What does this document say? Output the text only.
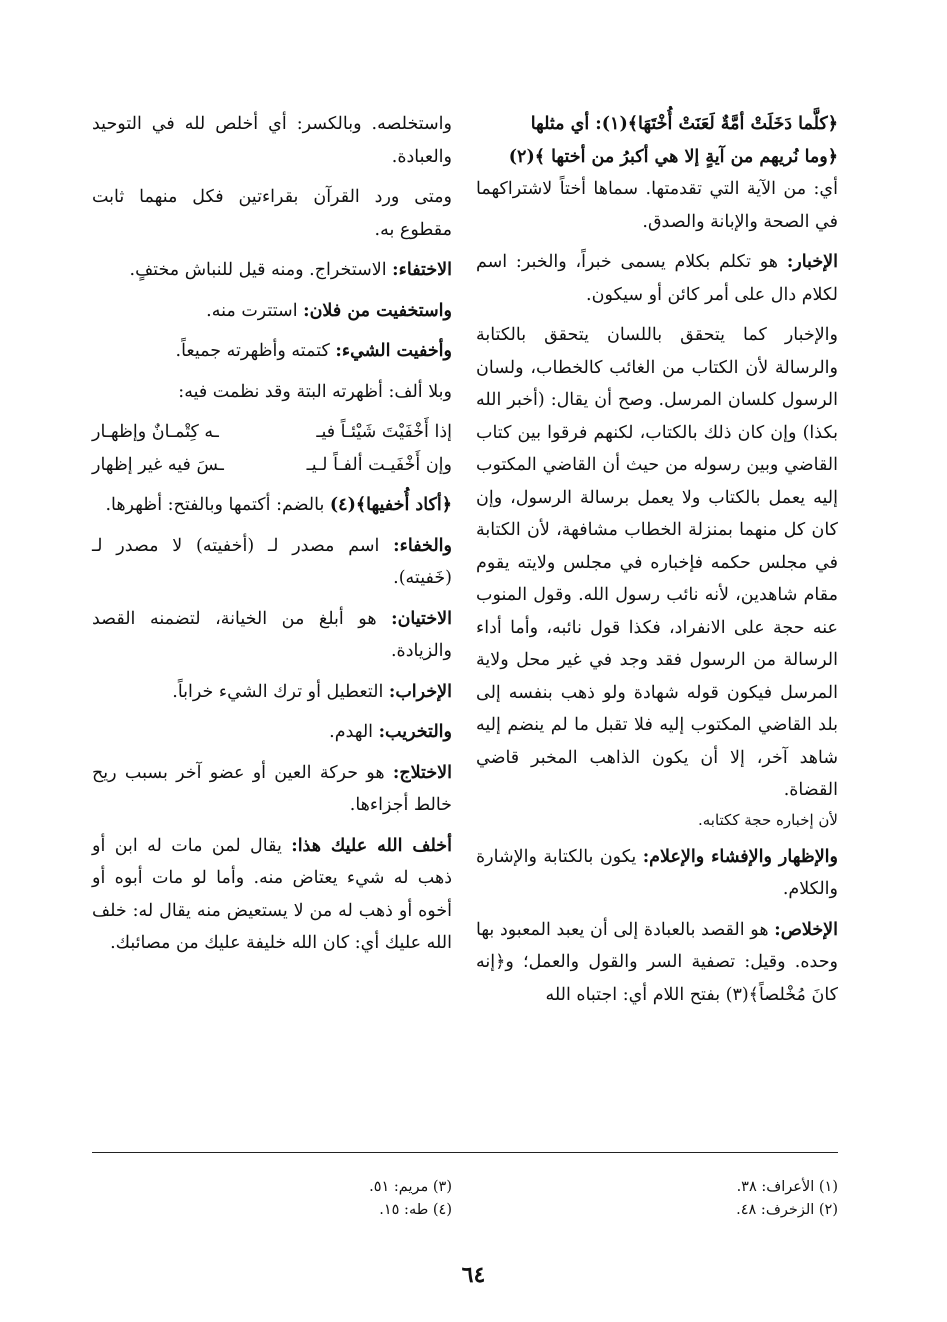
﴿كلَّما دَخَلَتْ أمَّةٌ لَعَنَتْ أُخْتَهَا﴾(١): أي مثلها
﴿وما نُريهم من آيةٍ إلا هي أكبرُ من أختها ﴾(٢)
أي: من الآية التي تقدمتها. سماها أختاً لاشتراكهما في الصحة والإبانة والصدق.

الإخبار: هو تكلم بكلام يسمى خبراً، والخبر: اسم لكلام دال على أمر كائن أو سيكون.

والإخبار كما يتحقق باللسان يتحقق بالكتابة والرسالة لأن الكتاب من الغائب كالخطاب، ولسان الرسول كلسان المرسل. وصح أن يقال: (أخبر الله بكذا) وإن كان ذلك بالكتاب، لكنهم فرقوا بين كتاب القاضي وبين رسوله من حيث أن القاضي المكتوب إليه يعمل بالكتاب ولا يعمل برسالة الرسول، وإن كان كل منهما بمنزلة الخطاب مشافهة، لأن الكتابة في مجلس حكمه فإخباره في مجلس ولايته يقوم مقام شاهدين، لأنه نائب رسول الله. وقول المنوب عنه حجة على الانفراد، فكذا قول نائبه، وأما أداء الرسالة من الرسول فقد وجد في غير محل ولاية المرسل فيكون قوله شهادة ولو ذهب بنفسه إلى بلد القاضي المكتوب إليه فلا تقبل ما لم ينضم إليه شاهد آخر، إلا أن يكون الذاهب المخبر قاضي القضاة.

لأن إخباره حجة ككتابه.

والإظهار والإفشاء والإعلام: يكون بالكتابة والإشارة والكلام.

الإخلاص: هو القصد بالعبادة إلى أن يعبد المعبود بها وحده. وقيل: تصفية السر والقول والعمل؛ و﴿إنه كانَ مُخْلصاً﴾(٣) بفتح اللام أي: اجتباه الله

واستخلصه. وبالكسر: أي أخلص لله في التوحيد والعبادة.

ومتى ورد القرآن بقراءتين فكل منهما ثابت مقطوع به.

الاختفاء: الاستخراج. ومنه قيل للنباش مختفٍ.

واستخفيت من فلان: استترت منه.

وأخفيت الشيء: كتمته وأظهرته جميعاً.

وبلا ألف: أظهرته البتة وقد نظمت فيه:

إذا أَخْفَيْتَ شَيْئـاً فيـ
ـه كِتْمـانٌ وإظهـار
وإن أَخْفَيـت ألفـاً لـيـ
ـسَ فيه غير إظهار

﴿أكاد أُخفيها﴾(٤) بالضم: أكتمها وبالفتح: أظهرها.

والخفاء: اسم مصدر لـ (أخفيته) لا مصدر لـ (خَفيته).

الاختيان: هو أبلغ من الخيانة، لتضمنه القصد والزيادة.

الإخراب: التعطيل أو ترك الشيء خراباً.

والتخريب: الهدم.

الاختلاج: هو حركة العين أو عضو آخر بسبب ريح خالط أجزاءها.

أخلف الله عليك هذا: يقال لمن مات له ابن أو ذهب له شيء يعتاض منه. وأما لو مات أبوه أو أخوه أو ذهب له من لا يستعيض منه يقال له: خلف الله عليك أي: كان الله خليفة عليك من مصائبك.

(١) الأعراف: ٣٨.
(٢) الزخرف: ٤٨.
(٣) مريم: ٥١.
(٤) طه: ١٥.
٦٤
